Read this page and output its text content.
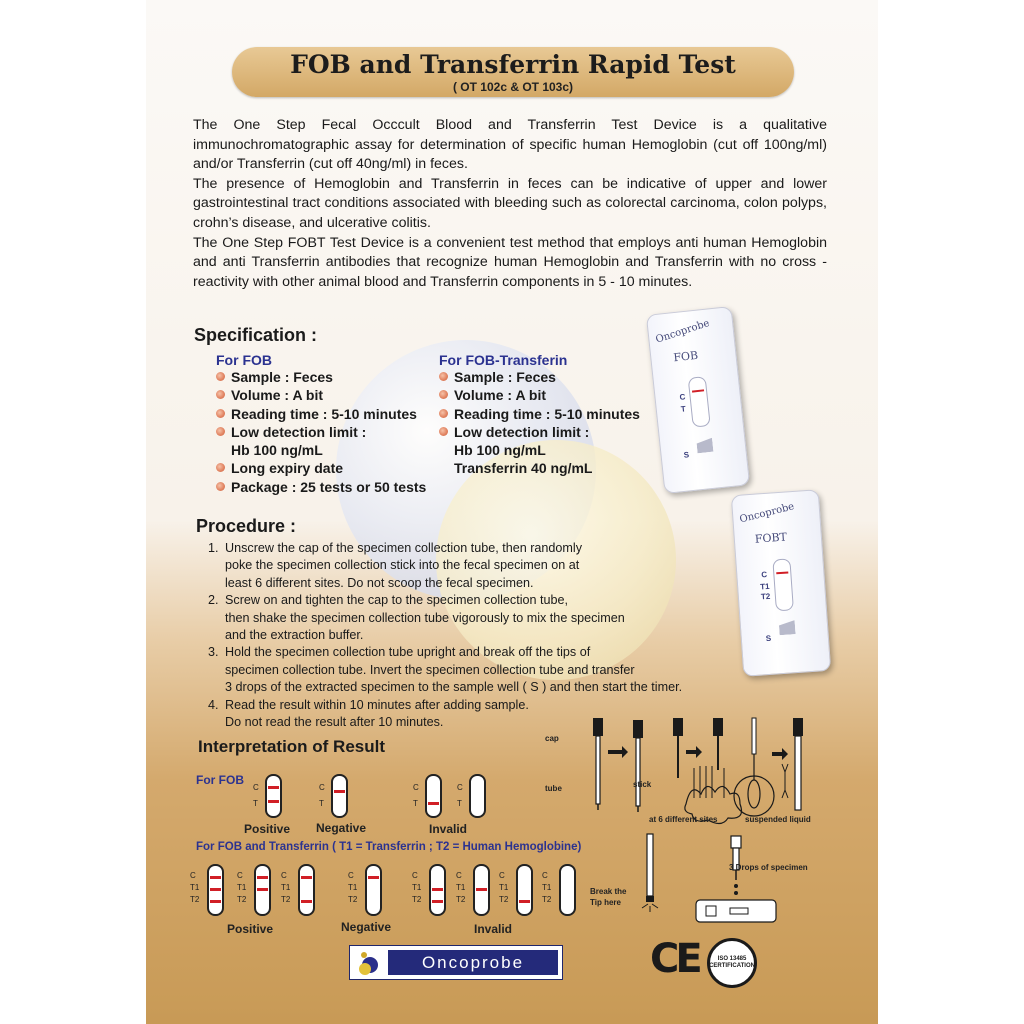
FOB and Transferrin Rapid Test
( OT 102c & OT 103c)

The One Step Fecal Occcult Blood and Transferrin Test Device is a qualitative immunochromatographic assay for determination of specific human Hemoglobin (cut off 100ng/ml) and/or Transferrin (cut off 40ng/ml) in feces.

The presence of Hemoglobin and Transferrin in feces can be indicative of upper and lower gastrointestinal tract conditions associated with bleeding such as colorectal carcinoma, colon polyps, crohn’s disease, and ulcerative colitis.

The One Step FOBT Test Device is a convenient test method that employs anti human Hemoglobin and anti Transferrin antibodies that recognize human Hemoglobin and Transferrin with no cross - reactivity with other animal blood and Transferrin components in 5 - 10 minutes.

Specification :
For FOB
Sample : Feces
Volume : A bit
Reading time : 5-10 minutes
Low detection limit :
Hb 100 ng/mL
Long expiry date
Package : 25 tests or 50 tests
For FOB-Transferin
Sample : Feces
Volume : A bit
Reading time : 5-10 minutes
Low detection limit :
Hb 100 ng/mL
Transferrin 40 ng/mL
Oncoprobe
FOB
C
T
S
Oncoprobe
FOBT
C
T1
T2
S
Procedure :
1. Unscrew the cap of the specimen collection tube, then randomly
poke the specimen collection stick into the fecal specimen on at
least 6 different sites. Do not scoop the fecal specimen.
2. Screw on and tighten the cap to the specimen collection tube,
then shake the specimen collection tube vigorously to mix the specimen
and the extraction buffer.
3. Hold the specimen collection tube upright and break off the tips of
specimen collection tube. Invert the specimen collection tube and transfer
3 drops of the extracted specimen to the sample well ( S ) and then start the timer.
4. Read the result within 10 minutes after adding sample.
Do not read the result after 10 minutes.
Interpretation of Result
For FOB
C
T
Positive
C
T
Negative
C
T
C
T
Invalid
For FOB and Transferrin ( T1 = Transferrin ; T2 = Human Hemoglobine)
C
T1
T2
C
T1
T2
C
T1
T2
C
T1
T2
C
T1
T2
C
T1
T2
C
T1
T2
C
T1
T2
Positive	Negative	Invalid
cap
tube	stick
at 6 different sites	suspended liquid
3 Drops of specimen
Break the Tip here
Oncoprobe	CE	ISO 13485 CERTIFICATION
